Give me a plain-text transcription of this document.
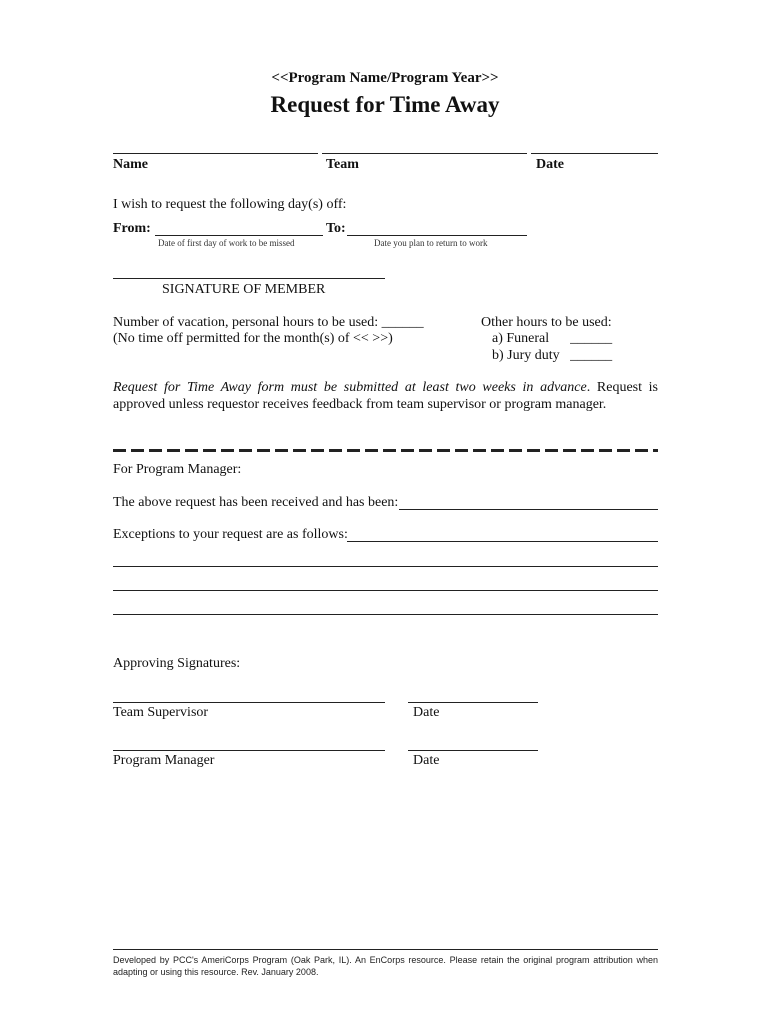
<<Program Name/Program Year>>
Request for Time Away
Name	Team	Date
I wish to request the following day(s) off:
From:	To:
Date of first day of work to be missed	Date you plan to return to work
SIGNATURE OF MEMBER
Number of vacation, personal hours to be used: ______
(No time off permitted for the month(s) of << >>)
Other hours to be used:
a) Funeral      ______
b) Jury duty   ______
Request for Time Away form must be submitted at least two weeks in advance. Request is approved unless requestor receives feedback from team supervisor or program manager.
For Program Manager:
The above request has been received and has been:
Exceptions to your request are as follows:
Approving Signatures:
Team Supervisor	Date
Program Manager	Date
Developed by PCC's AmeriCorps Program (Oak Park, IL). An EnCorps resource. Please retain the original program attribution when adapting or using this resource. Rev. January 2008.
